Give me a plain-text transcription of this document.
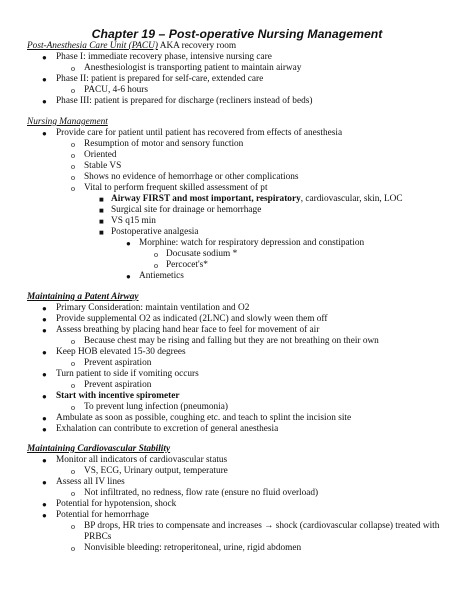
Chapter 19 – Post-operative Nursing Management
Post-Anesthesia Care Unit (PACU) AKA recovery room
● Phase I: immediate recovery phase, intensive nursing care
o Anesthesiologist is transporting patient to maintain airway
● Phase II: patient is prepared for self-care, extended care
o PACU, 4-6 hours
● Phase III: patient is prepared for discharge (recliners instead of beds)
Nursing Management
● Provide care for patient until patient has recovered from effects of anesthesia
o Resumption of motor and sensory function
o Oriented
o Stable VS
o Shows no evidence of hemorrhage or other complications
o Vital to perform frequent skilled assessment of pt
■ Airway FIRST and most important, respiratory, cardiovascular, skin, LOC
■ Surgical site for drainage or hemorrhage
■ VS q15 min
■ Postoperative analgesia
● Morphine: watch for respiratory depression and constipation
o Docusate sodium *
o Percocet's*
● Antiemetics
Maintaining a Patent Airway
● Primary Consideration: maintain ventilation and O2
● Provide supplemental O2 as indicated (2LNC) and slowly ween them off
● Assess breathing by placing hand hear face to feel for movement of air
o Because chest may be rising and falling but they are not breathing on their own
● Keep HOB elevated 15-30 degrees
o Prevent aspiration
● Turn patient to side if vomiting occurs
o Prevent aspiration
● Start with incentive spirometer
o To prevent lung infection (pneumonia)
● Ambulate as soon as possible, coughing etc. and teach to splint the incision site
● Exhalation can contribute to excretion of general anesthesia
Maintaining Cardiovascular Stability
● Monitor all indicators of cardiovascular status
o VS, ECG, Urinary output, temperature
● Assess all IV lines
o Not infiltrated, no redness, flow rate (ensure no fluid overload)
● Potential for hypotension, shock
● Potential for hemorrhage
o BP drops, HR tries to compensate and increases → shock (cardiovascular collapse) treated with
PRBCs
o Nonvisible bleeding: retroperitoneal, urine, rigid abdomen
